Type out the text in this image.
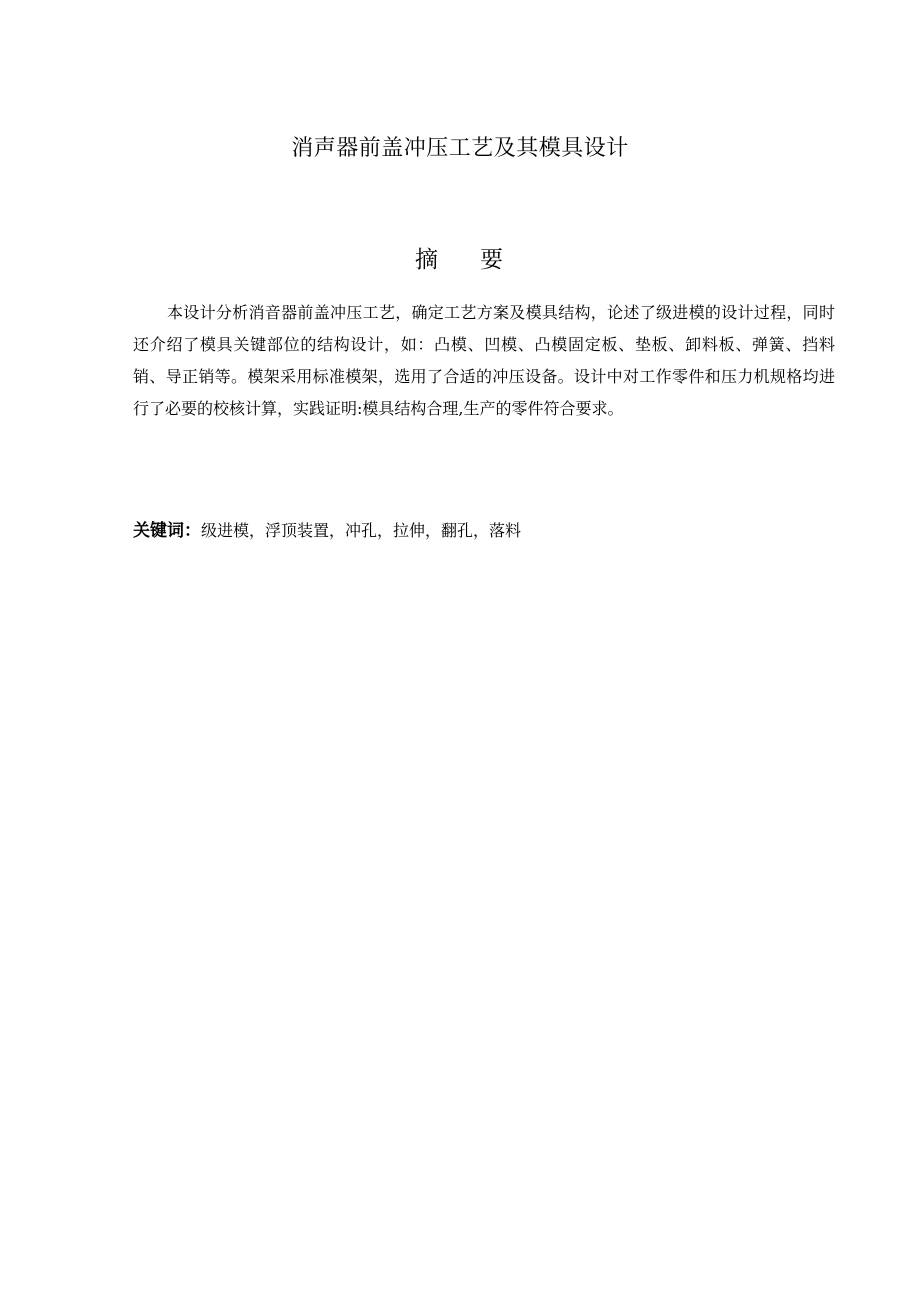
消声器前盖冲压工艺及其模具设计
摘 要

本设计分析消音器前盖冲压工艺，确定工艺方案及模具结构，论述了级进模的设计过程，同时还介绍了模具关键部位的结构设计，如：凸模、凹模、凸模固定板、垫板、卸料板、弹簧、挡料销、导正销等。模架采用标准模架，选用了合适的冲压设备。设计中对工作零件和压力机规格均进行了必要的校核计算，实践证明:模具结构合理,生产的零件符合要求。

关键词：级进模，浮顶装置，冲孔，拉伸，翻孔，落料
